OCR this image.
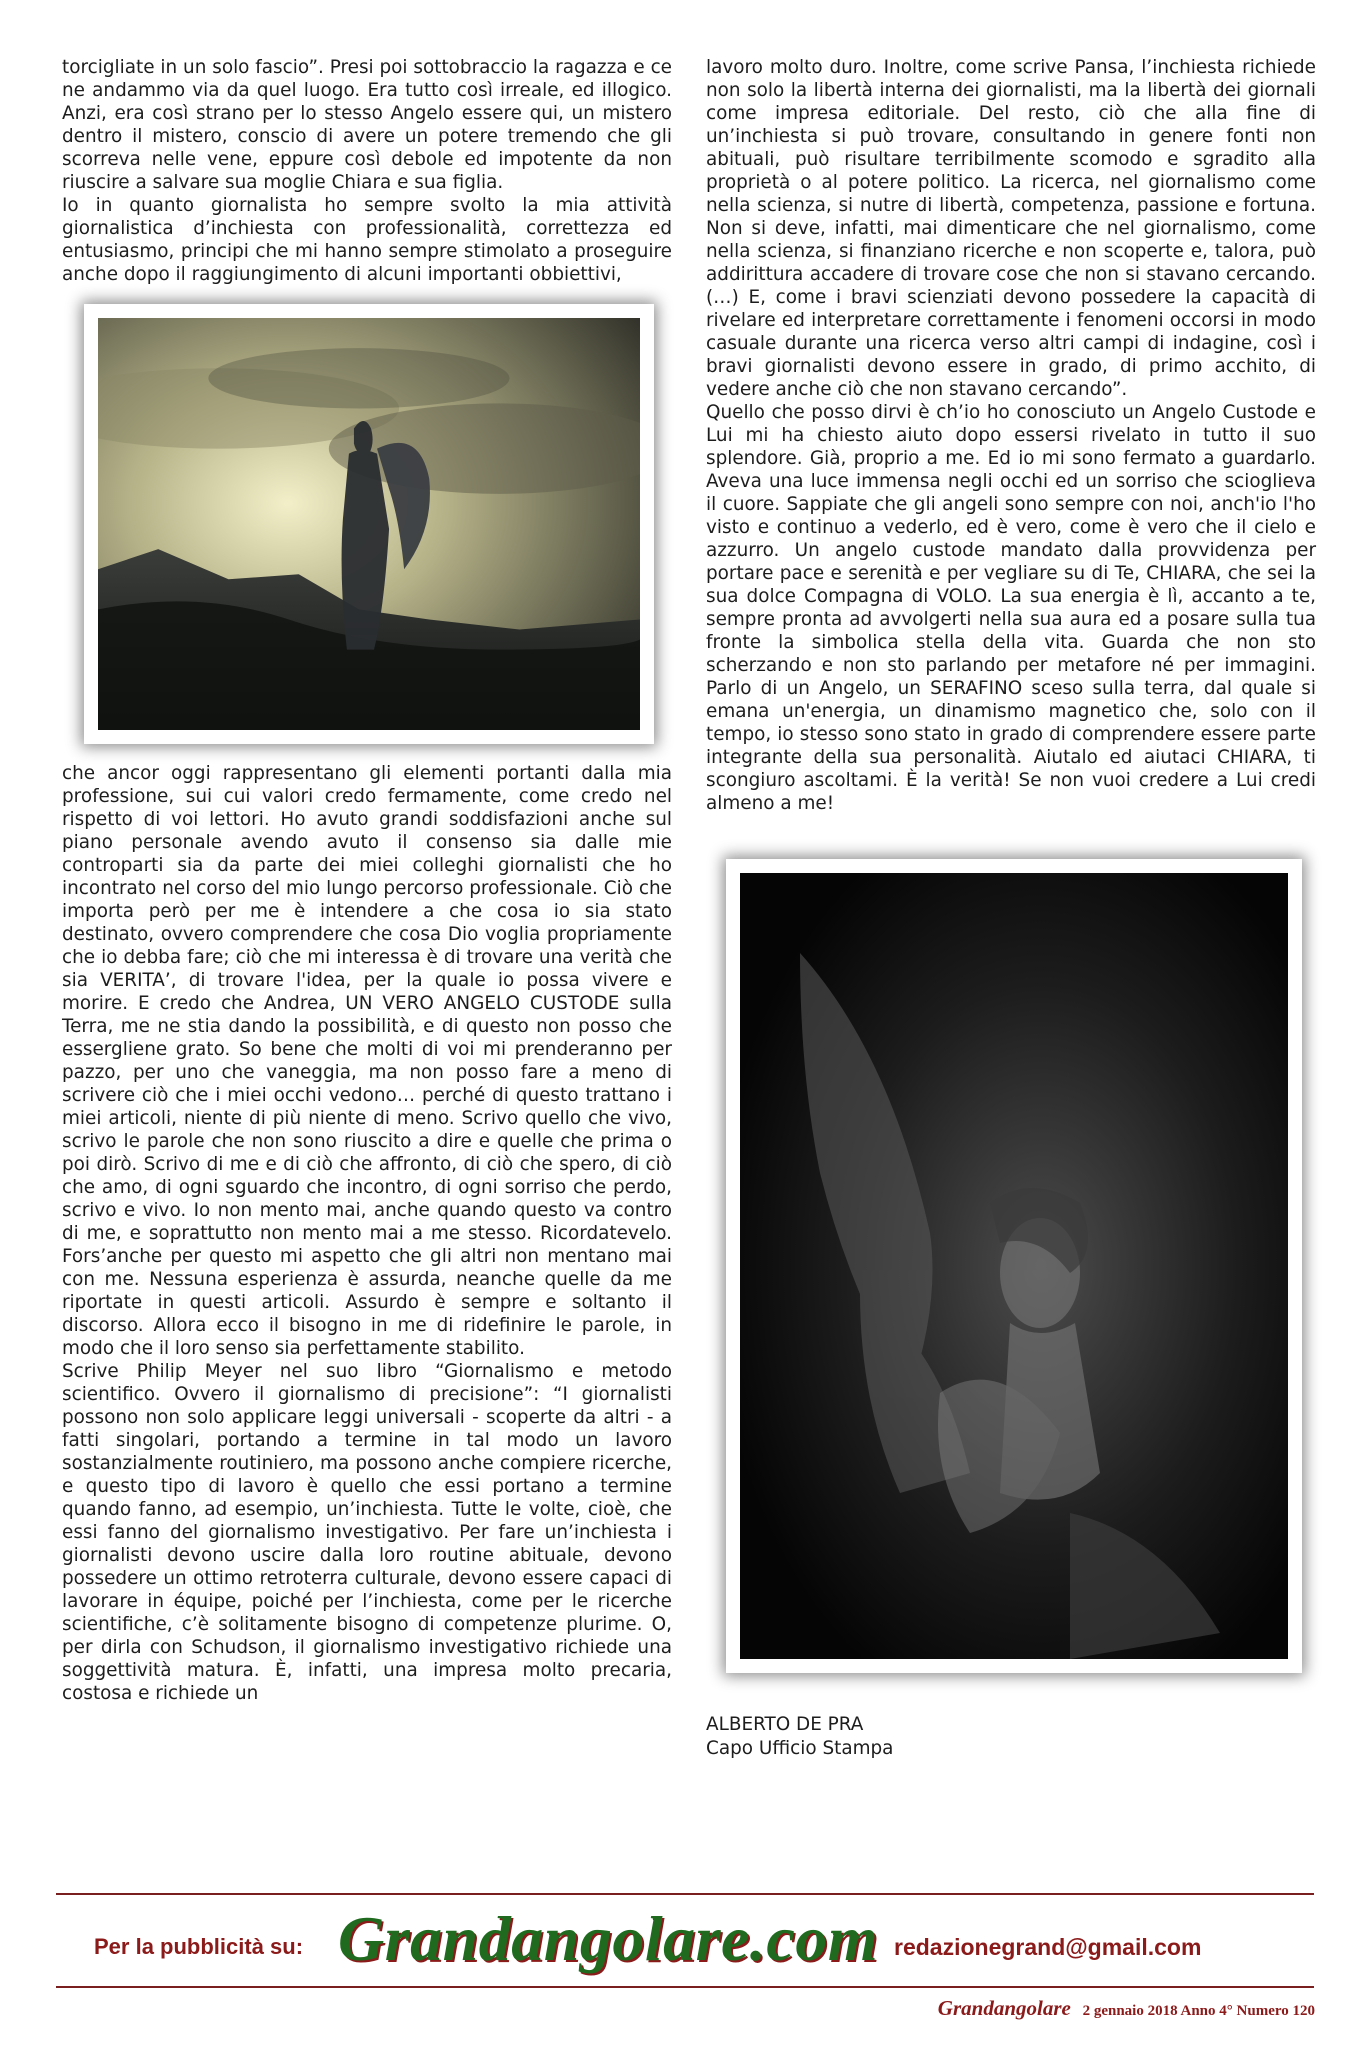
torcigliate in un solo fascio”. Presi poi sottobraccio la ragazza e ce ne andammo via da quel luogo. Era tutto così irreale, ed illogico. Anzi, era così strano per lo stesso Angelo essere qui, un mistero dentro il mistero, conscio di avere un potere tremendo che gli scorreva nelle vene, eppure così debole ed impotente da non riuscire a salvare sua moglie Chiara e sua figlia.

Io in quanto giornalista ho sempre svolto la mia attività giornalistica d’inchiesta con professionalità, correttezza ed entusiasmo, principi che mi hanno sempre stimolato a proseguire anche dopo il raggiungimento di alcuni importanti obbiettivi,

che ancor oggi rappresentano gli elementi portanti dalla mia professione, sui cui valori credo fermamente, come credo nel rispetto di voi lettori. Ho avuto grandi soddisfazioni anche sul piano personale avendo avuto il consenso sia dalle mie controparti sia da parte dei miei colleghi giornalisti che ho incontrato nel corso del mio lungo percorso professionale. Ciò che importa però per me è intendere a che cosa io sia stato destinato, ovvero comprendere che cosa Dio voglia propriamente che io debba fare; ciò che mi interessa è di trovare una verità che sia VERITA’, di trovare l'idea, per la quale io possa vivere e morire. E credo che Andrea, UN VERO ANGELO CUSTODE sulla Terra, me ne stia dando la possibilità, e di questo non posso che essergliene grato. So bene che molti di voi mi prenderanno per pazzo, per uno che vaneggia, ma non posso fare a meno di scrivere ciò che i miei occhi vedono… perché di questo trattano i miei articoli, niente di più niente di meno. Scrivo quello che vivo, scrivo le parole che non sono riuscito a dire e quelle che prima o poi dirò. Scrivo di me e di ciò che affronto, di ciò che spero, di ciò che amo, di ogni sguardo che incontro, di ogni sorriso che perdo, scrivo e vivo. Io non mento mai, anche quando questo va contro di me, e soprattutto non mento mai a me stesso. Ricordatevelo. Fors’anche per questo mi aspetto che gli altri non mentano mai con me. Nessuna esperienza è assurda, neanche quelle da me riportate in questi articoli. Assurdo è sempre e soltanto il discorso. Allora ecco il bisogno in me di ridefinire le parole, in modo che il loro senso sia perfettamente stabilito.

Scrive Philip Meyer nel suo libro “Giornalismo e metodo scientifico. Ovvero il giornalismo di precisione”: “I giornalisti possono non solo applicare leggi universali - scoperte da altri - a fatti singolari, portando a termine in tal modo un lavoro sostanzialmente routiniero, ma possono anche compiere ricerche, e questo tipo di lavoro è quello che essi portano a termine quando fanno, ad esempio, un’inchiesta. Tutte le volte, cioè, che essi fanno del giornalismo investigativo. Per fare un’inchiesta i giornalisti devono uscire dalla loro routine abituale, devono possedere un ottimo retroterra culturale, devono essere capaci di lavorare in équipe, poiché per l’inchiesta, come per le ricerche scientifiche, c’è solitamente bisogno di competenze plurime. O, per dirla con Schudson, il giornalismo investigativo richiede una soggettività matura. È, infatti, una impresa molto precaria, costosa e richiede un

lavoro molto duro. Inoltre, come scrive Pansa, l’inchiesta richiede non solo la libertà interna dei giornalisti, ma la libertà dei giornali come impresa editoriale. Del resto, ciò che alla fine di un’inchiesta si può trovare, consultando in genere fonti non abituali, può risultare terribilmente scomodo e sgradito alla proprietà o al potere politico. La ricerca, nel giornalismo come nella scienza, si nutre di libertà, competenza, passione e fortuna. Non si deve, infatti, mai dimenticare che nel giornalismo, come nella scienza, si finanziano ricerche e non scoperte e, talora, può addirittura accadere di trovare cose che non si stavano cercando. (…) E, come i bravi scienziati devono possedere la capacità di rivelare ed interpretare correttamente i fenomeni occorsi in modo casuale durante una ricerca verso altri campi di indagine, così i bravi giornalisti devono essere in grado, di primo acchito, di vedere anche ciò che non stavano cercando”.

Quello che posso dirvi è ch’io ho conosciuto un Angelo Custode e Lui mi ha chiesto aiuto dopo essersi rivelato in tutto il suo splendore. Già, proprio a me. Ed io mi sono fermato a guardarlo. Aveva una luce immensa negli occhi ed un sorriso che scioglieva il cuore. Sappiate che gli angeli sono sempre con noi, anch'io l'ho visto e continuo a vederlo, ed è vero, come è vero che il cielo e azzurro. Un angelo custode mandato dalla provvidenza per portare pace e serenità e per vegliare su di Te, CHIARA, che sei la sua dolce Compagna di VOLO. La sua energia è lì, accanto a te, sempre pronta ad avvolgerti nella sua aura ed a posare sulla tua fronte la simbolica stella della vita. Guarda che non sto scherzando e non sto parlando per metafore né per immagini. Parlo di un Angelo, un SERAFINO sceso sulla terra, dal quale si emana un'energia, un dinamismo magnetico che, solo con il tempo, io stesso sono stato in grado di comprendere essere parte integrante della sua personalità. Aiutalo ed aiutaci CHIARA, ti scongiuro ascoltami. È la verità! Se non vuoi credere a Lui credi almeno a me!

ALBERTO DE PRA
Capo Ufficio Stampa
Per la pubblicità su: Grandangolare.com redazionegrand@gmail.com
Grandangolare 2 gennaio 2018 Anno 4° Numero 120
